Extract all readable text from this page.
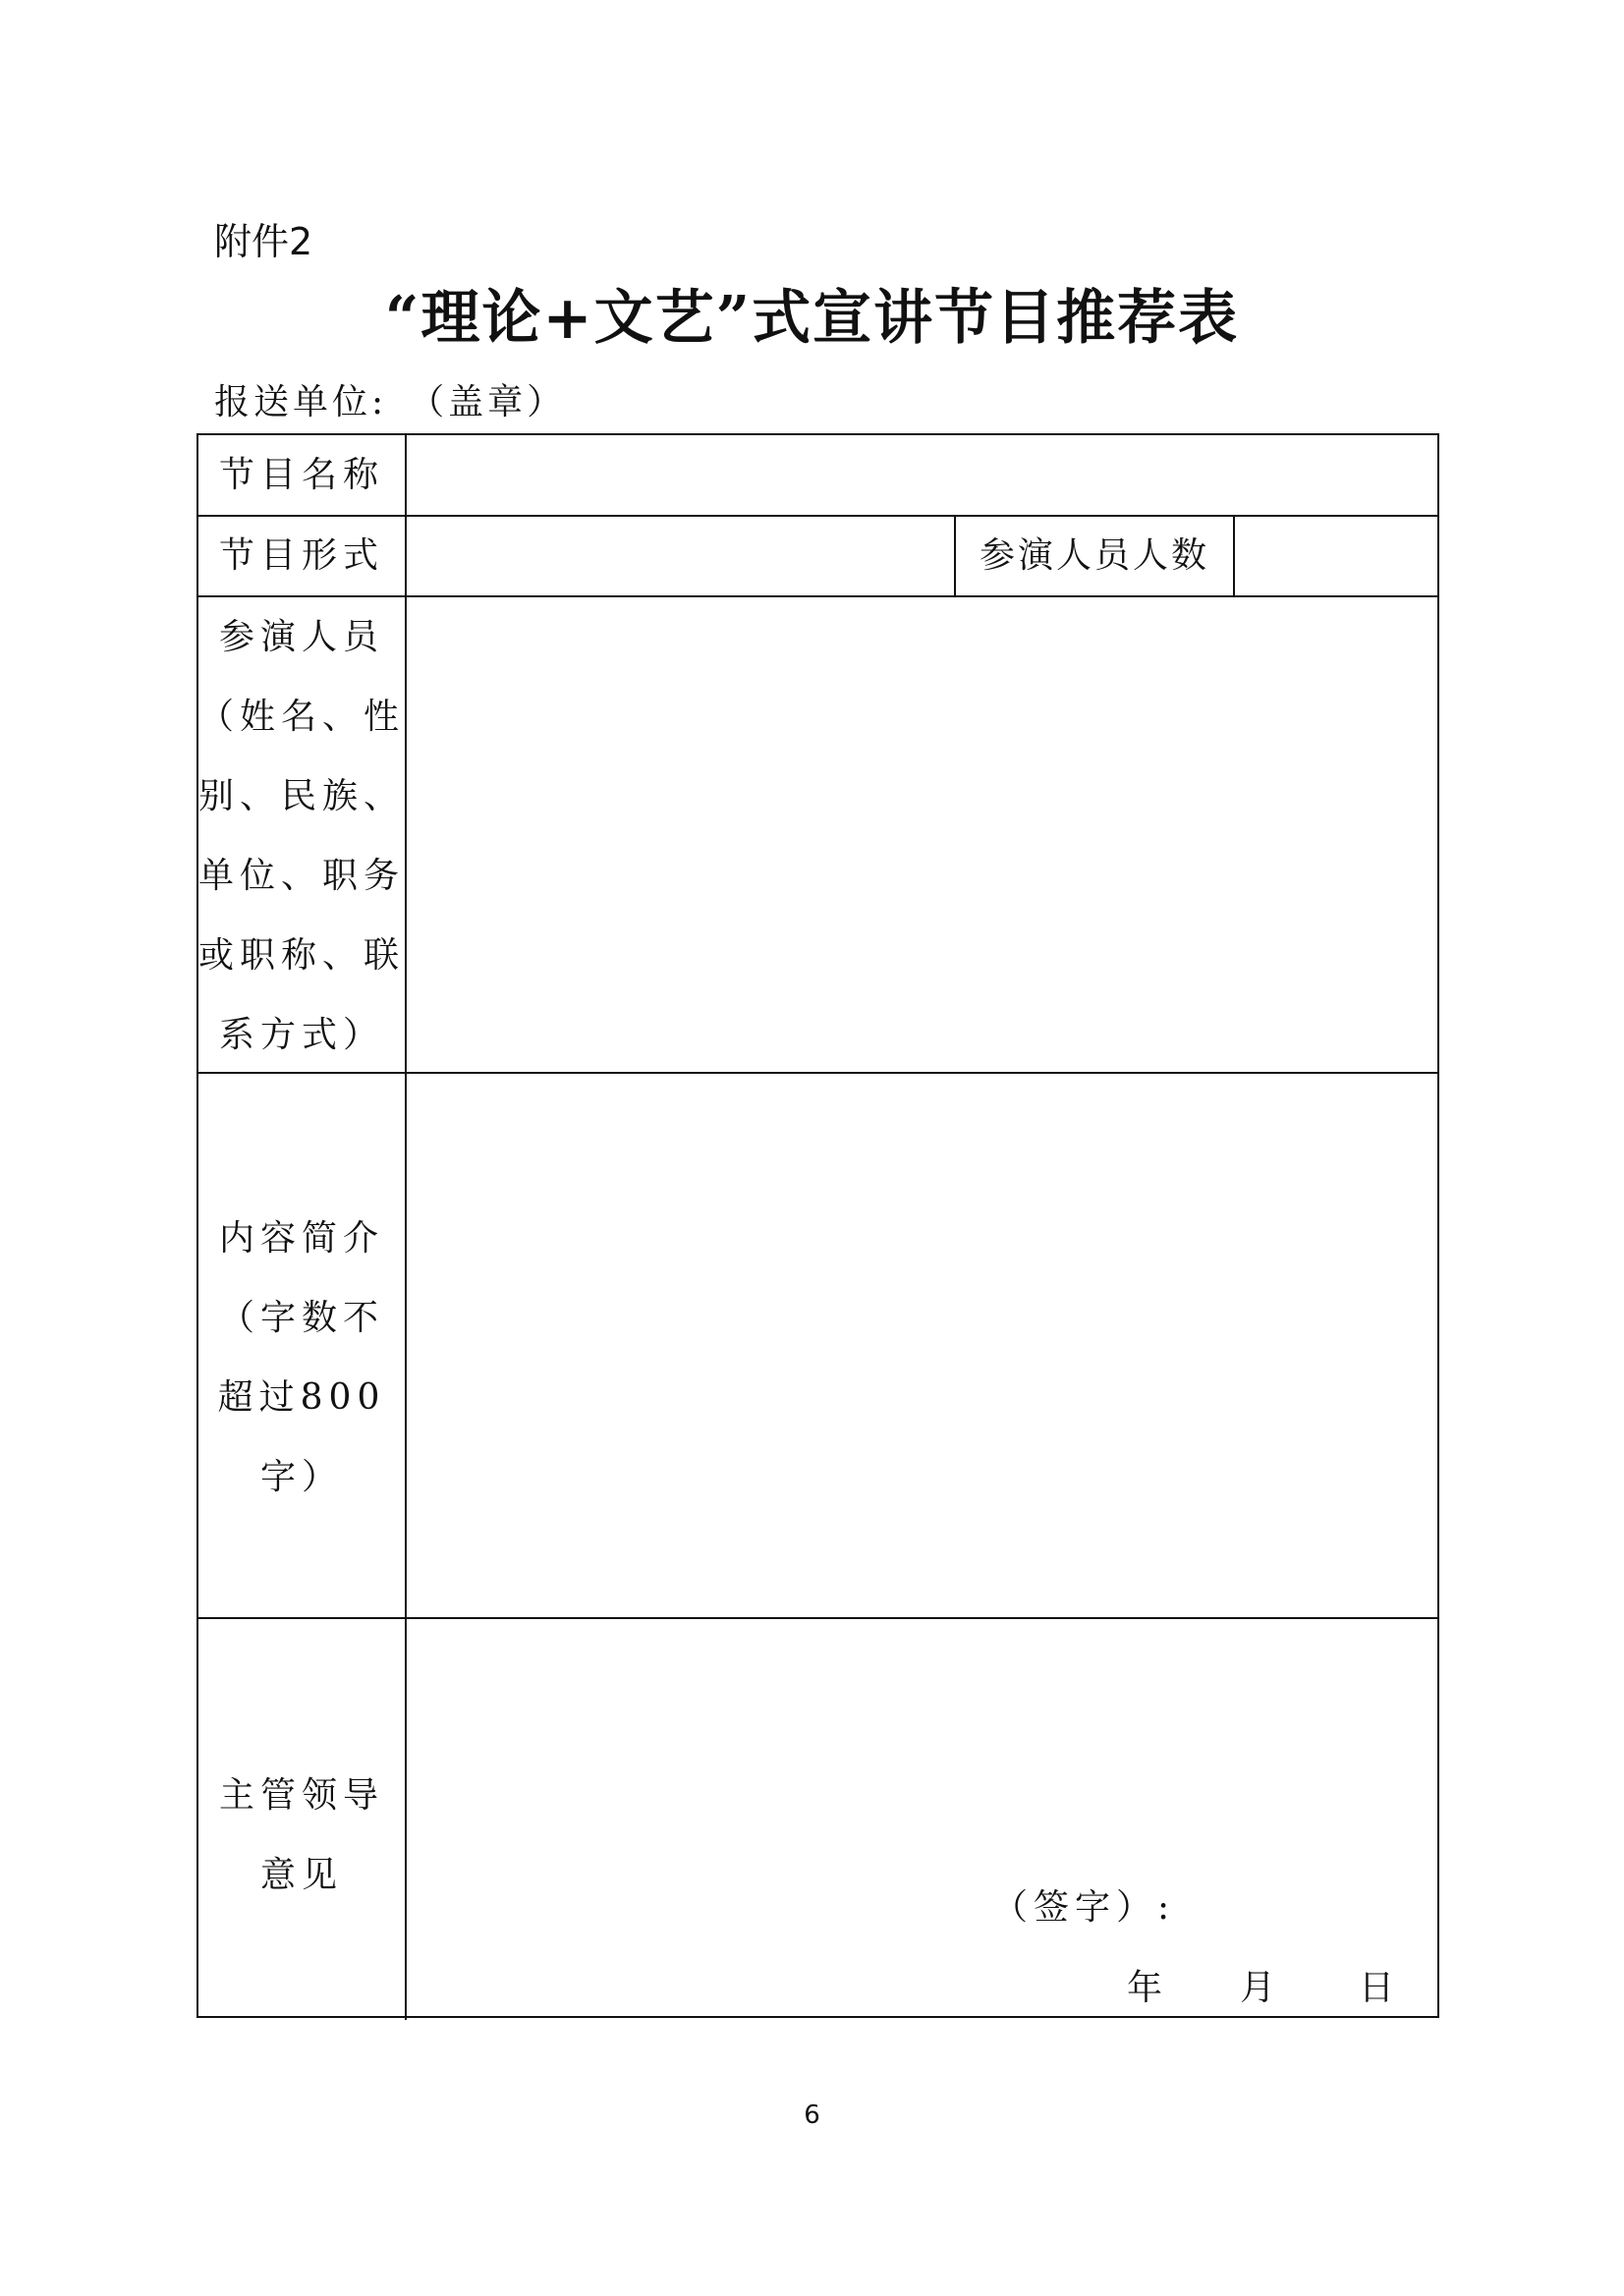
附件2
“理论+文艺”式宣讲节目推荐表
报送单位: （盖章）
节目名称
节目形式	参演人员人数
参演人员
（姓名、性
别、民族、
单位、职务
或职称、联
系方式）
内容简介
（字数不
超过800
字）
主管领导
意见
（签字）:
年 月 日
6
